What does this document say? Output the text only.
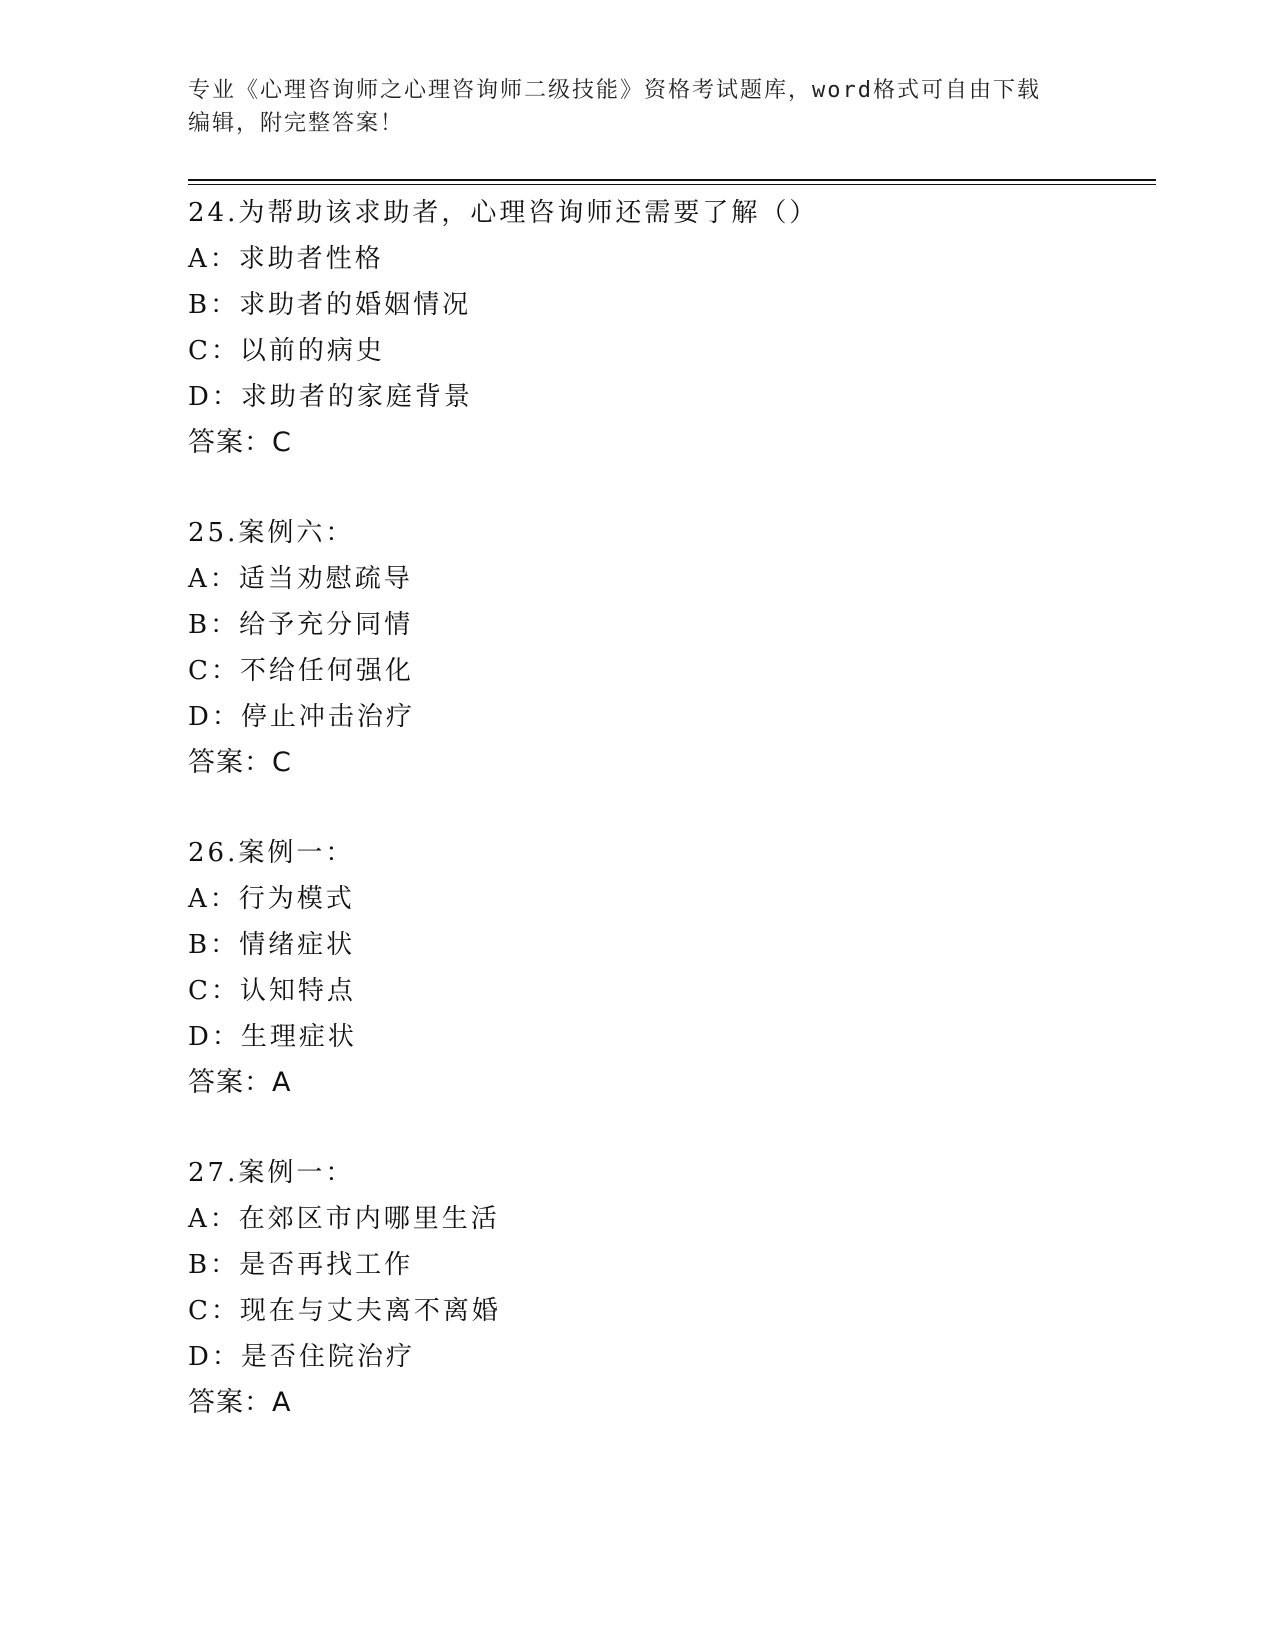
专业《心理咨询师之心理咨询师二级技能》资格考试题库，word格式可自由下载
编辑，附完整答案！
24.为帮助该求助者，心理咨询师还需要了解（）
A：求助者性格
B：求助者的婚姻情况
C：以前的病史
D：求助者的家庭背景
答案：C
25.案例六：
A：适当劝慰疏导
B：给予充分同情
C：不给任何强化
D：停止冲击治疗
答案：C
26.案例一：
A：行为模式
B：情绪症状
C：认知特点
D：生理症状
答案：A
27.案例一：
A：在郊区市内哪里生活
B：是否再找工作
C：现在与丈夫离不离婚
D：是否住院治疗
答案：A
